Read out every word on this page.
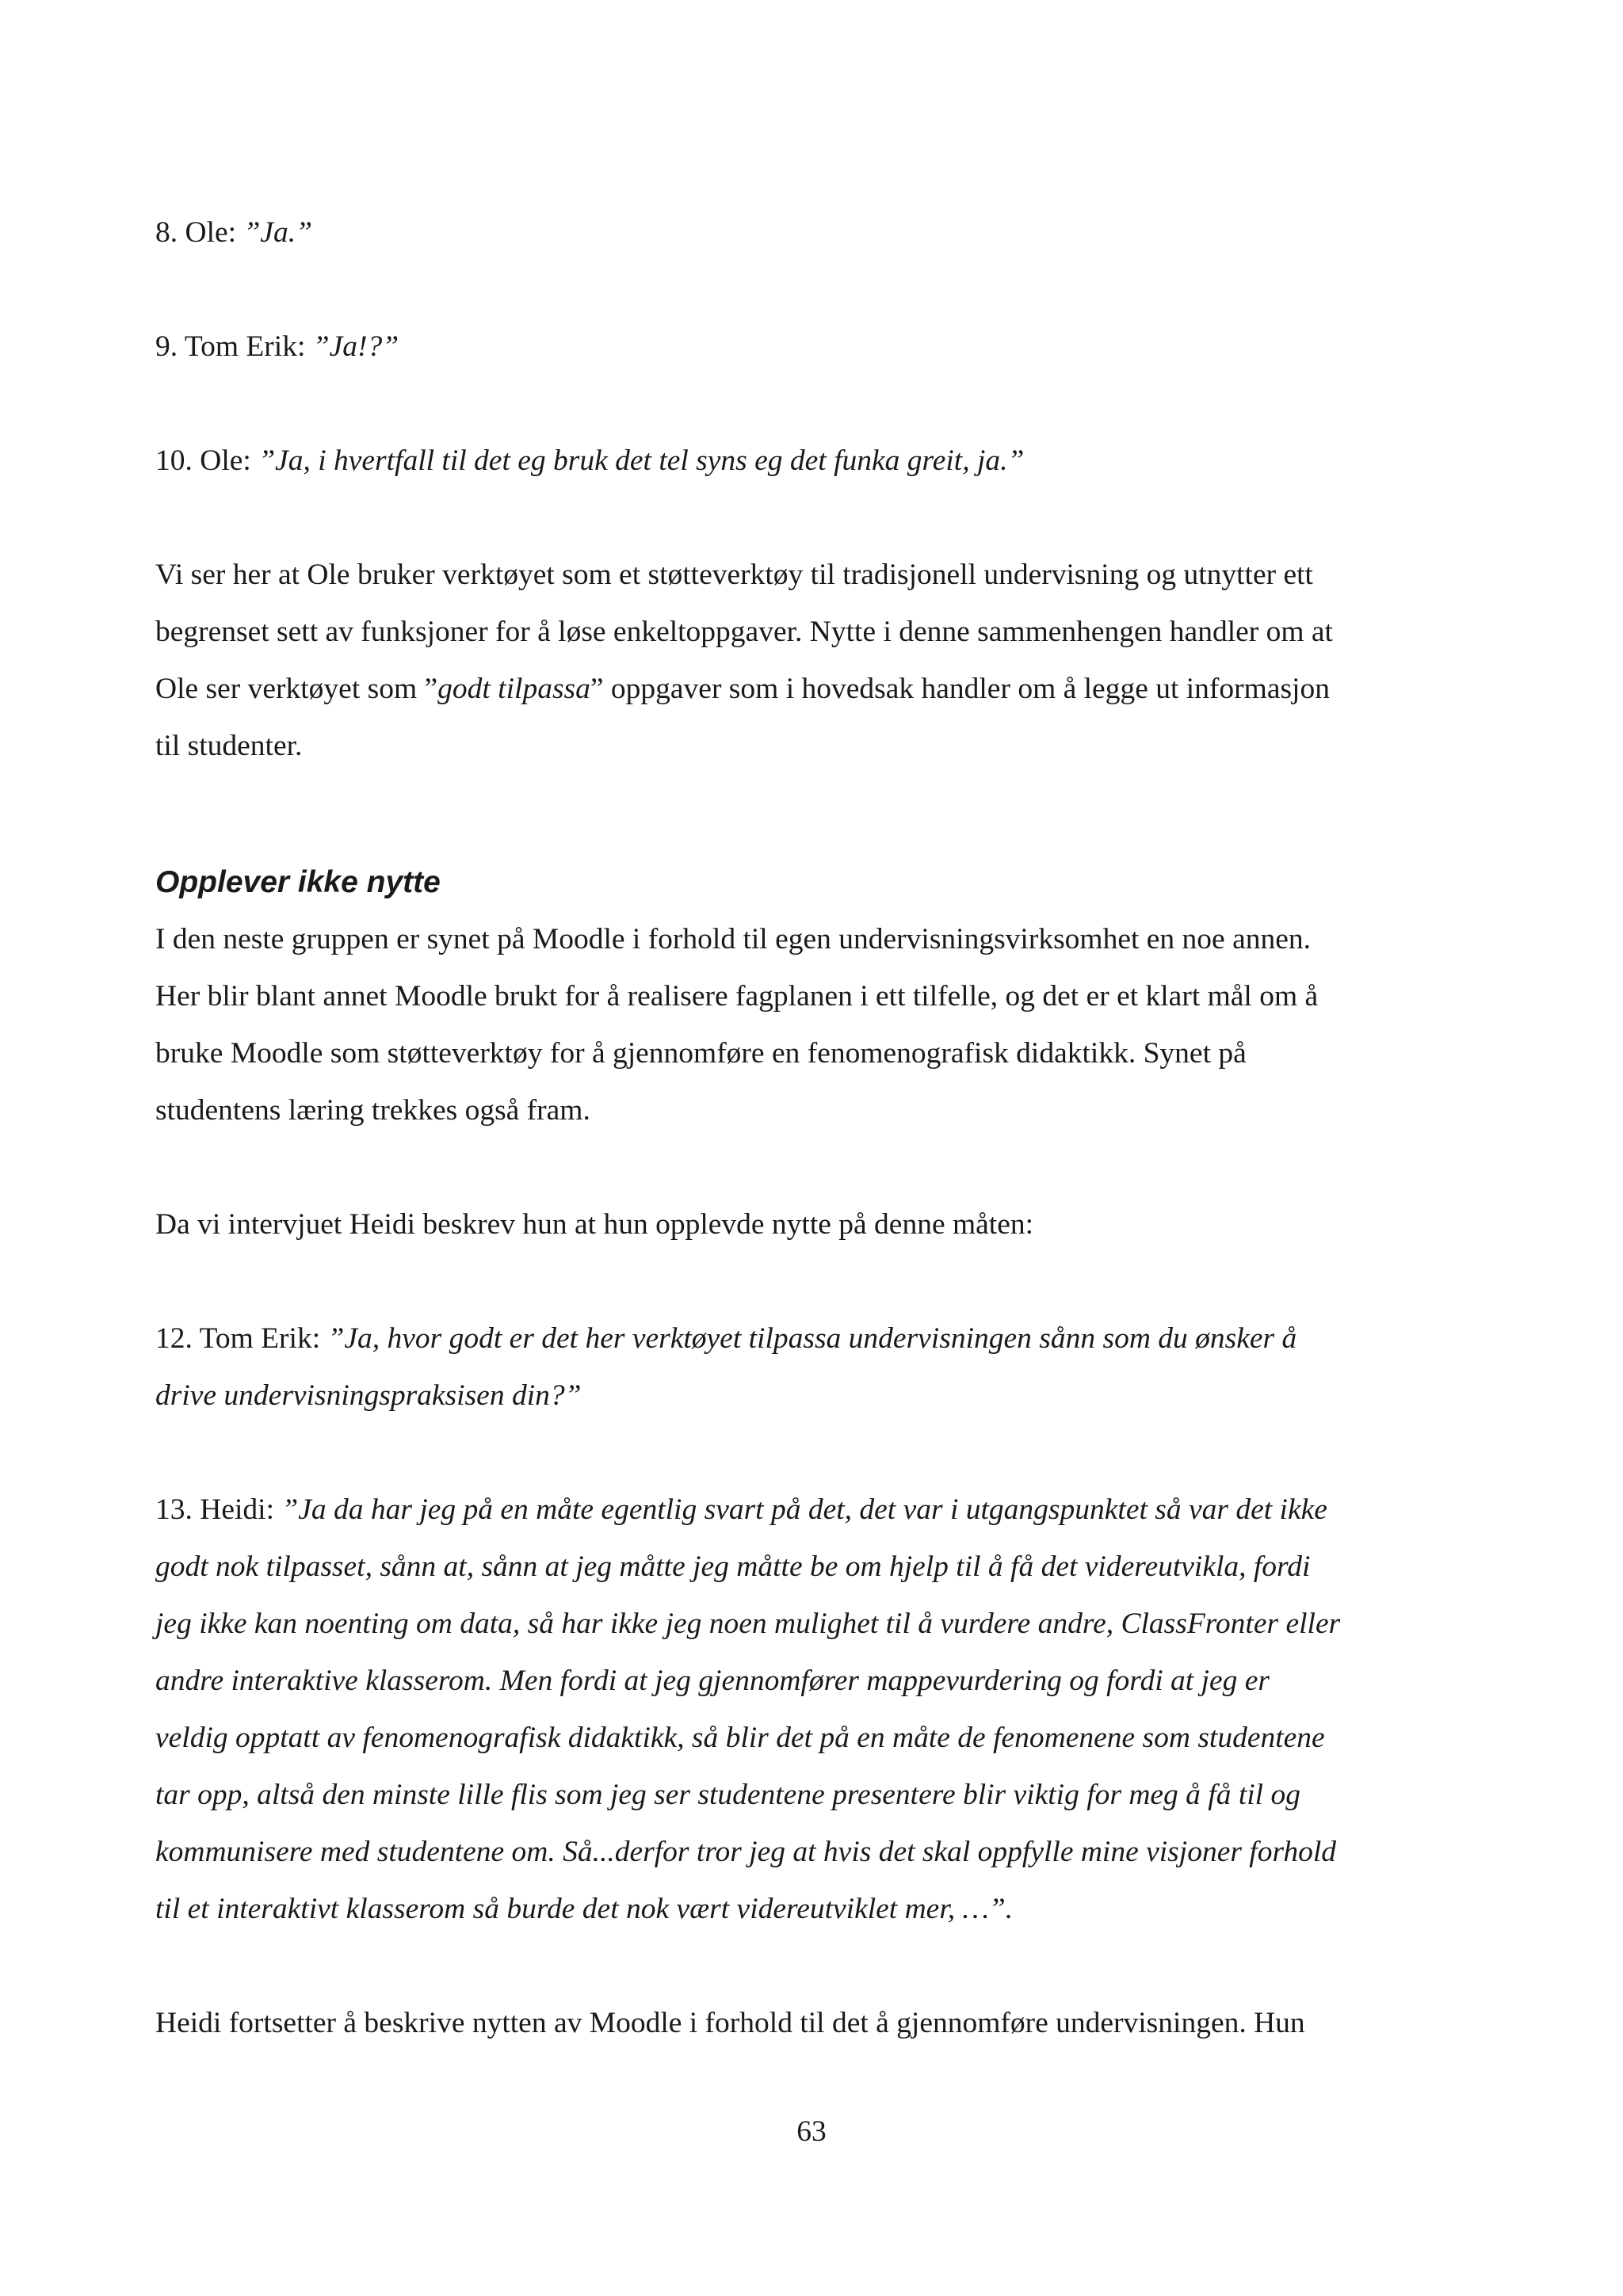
8. Ole: ”Ja.”

9. Tom Erik: ”Ja!?”

10. Ole: ”Ja, i hvertfall til det eg bruk det tel syns eg det funka greit, ja.”

Vi ser her at Ole bruker verktøyet som et støtteverktøy til tradisjonell undervisning og utnytter ett
begrenset sett av funksjoner for å løse enkeltoppgaver. Nytte i denne sammenhengen handler om at
Ole ser verktøyet som ”godt tilpassa” oppgaver som i hovedsak handler om å legge ut informasjon
til studenter.

Opplever ikke nytte

I den neste gruppen er synet på Moodle i forhold til egen undervisningsvirksomhet en noe annen.
Her blir blant annet Moodle brukt for å realisere fagplanen i ett tilfelle, og det er et klart mål om å
bruke Moodle som støtteverktøy for å gjennomføre en fenomenografisk didaktikk. Synet på
studentens læring trekkes også fram.

Da vi intervjuet Heidi beskrev hun at hun opplevde nytte på denne måten:

12. Tom Erik: ”Ja, hvor godt er det her verktøyet tilpassa undervisningen sånn som du ønsker å
drive undervisningspraksisen din?”

13. Heidi: ”Ja da har jeg på en måte egentlig svart på det, det var i utgangspunktet så var det ikke
godt nok tilpasset, sånn at, sånn at jeg måtte jeg måtte be om hjelp til å få det videreutvikla, fordi
jeg ikke kan noenting om data, så har ikke jeg noen mulighet til å vurdere andre, ClassFronter eller
andre interaktive klasserom. Men fordi at jeg gjennomfører mappevurdering og fordi at jeg er
veldig opptatt av fenomenografisk didaktikk, så blir det på en måte de fenomenene som studentene
tar opp, altså den minste lille flis som jeg ser studentene presentere blir viktig for meg å få til og
kommunisere med studentene om. Så...derfor tror jeg at hvis det skal oppfylle mine visjoner forhold
til et interaktivt klasserom så burde det nok vært videreutviklet mer, …”.

Heidi fortsetter å beskrive nytten av Moodle i forhold til det å gjennomføre undervisningen. Hun

63
